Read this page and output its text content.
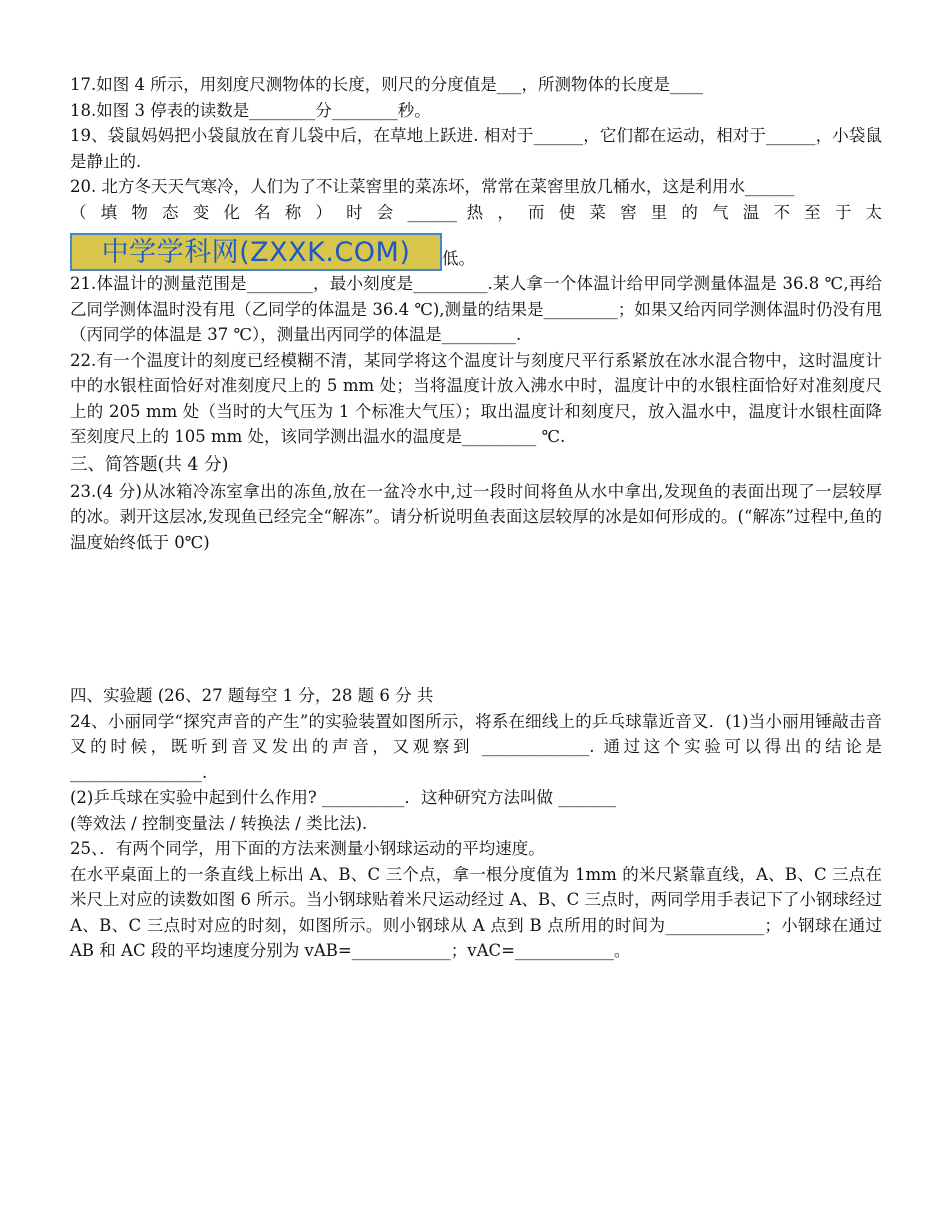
17.如图 4 所示，用刻度尺测物体的长度，则尺的分度值是___，所测物体的长度是____

18.如图 3 停表的读数是________分________秒。

19、袋鼠妈妈把小袋鼠放在育儿袋中后，在草地上跃进. 相对于______，它们都在运动，相对于______，小袋鼠是静止的.

20. 北方冬天天气寒冷，人们为了不让菜窖里的菜冻坏，常常在菜窖里放几桶水，这是利用水______

（ 填 物 态 变 化 名 称 ） 时 会 ______ 热 ， 而 使 菜 窖 里 的 气 温 不 至 于 太

中学学科网(ZXXK.COM)	低。

21.体温计的测量范围是________，最小刻度是_________.某人拿一个体温计给甲同学测量体温是 36.8 ℃,再给乙同学测体温时没有甩（乙同学的体温是 36.4 ℃),测量的结果是_________；如果又给丙同学测体温时仍没有甩（丙同学的体温是 37 ℃），测量出丙同学的体温是_________.

22.有一个温度计的刻度已经模糊不清，某同学将这个温度计与刻度尺平行系紧放在冰水混合物中，这时温度计中的水银柱面恰好对准刻度尺上的 5 mm 处；当将温度计放入沸水中时，温度计中的水银柱面恰好对准刻度尺上的 205 mm 处（当时的大气压为 1 个标准大气压）；取出温度计和刻度尺，放入温水中，温度计水银柱面降至刻度尺上的 105 mm 处，该同学测出温水的温度是_________ ℃.

三、简答题(共 4 分)

23.(4 分)从冰箱冷冻室拿出的冻鱼,放在一盆冷水中,过一段时间将鱼从水中拿出,发现鱼的表面出现了一层较厚的冰。剥开这层冰,发现鱼已经完全“解冻”。请分析说明鱼表面这层较厚的冰是如何形成的。(“解冻”过程中,鱼的温度始终低于 0℃)

四、实验题 (26、27 题每空 1 分，28 题 6 分 共

24、小丽同学“探究声音的产生”的实验装置如图所示，将系在细线上的乒乓球靠近音叉．(1)当小丽用锤敲击音叉的时候，既听到音叉发出的声音，又观察到 _____________. 通过这个实验可以得出的结论是________________.

(2)乒乓球在实验中起到什么作用? __________．这种研究方法叫做 _______

(等效法 / 控制变量法 / 转换法 / 类比法).

25、．有两个同学，用下面的方法来测量小钢球运动的平均速度。

在水平桌面上的一条直线上标出 A、B、C 三个点，拿一根分度值为 1mm 的米尺紧靠直线，A、B、C 三点在米尺上对应的读数如图 6 所示。当小钢球贴着米尺运动经过 A、B、C 三点时，两同学用手表记下了小钢球经过 A、B、C 三点时对应的时刻，如图所示。则小钢球从 A 点到 B 点所用的时间为____________；小钢球在通过 AB 和 AC 段的平均速度分别为 vAB=____________；vAC=____________。
